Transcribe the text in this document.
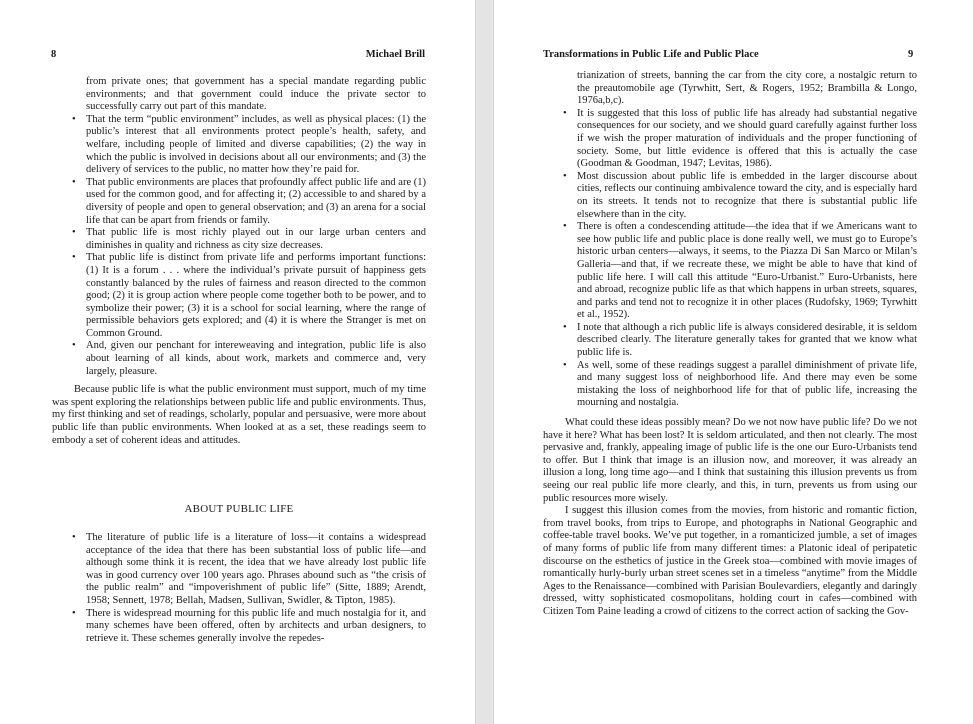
8	Michael Brill

from private ones; that government has a special mandate regarding public environments; and that government could induce the private sector to successfully carry out part of this mandate.

• That the term “public environment” includes, as well as physical places: (1) the public’s interest that all environments protect people’s health, safety, and welfare, including people of limited and diverse capabilities; (2) the way in which the public is involved in decisions about all our environments; and (3) the delivery of services to the public, no matter how they’re paid for.
• That public environments are places that profoundly affect public life and are (1) used for the common good, and for affecting it; (2) accessible to and shared by a diversity of people and open to general observation; and (3) an arena for a social life that can be apart from friends or family.
• That public life is most richly played out in our large urban centers and diminishes in quality and richness as city size decreases.
• That public life is distinct from private life and performs important functions: (1) It is a forum . . . where the individual’s private pursuit of happiness gets constantly balanced by the rules of fairness and reason directed to the common good; (2) it is group action where people come together both to be power, and to symbolize their power; (3) it is a school for social learning, where the range of permissible behaviors gets explored; and (4) it is where the Stranger is met on Common Ground.
• And, given our penchant for intereweaving and integration, public life is also about learning of all kinds, about work, markets and commerce and, very largely, pleasure.

Because public life is what the public environment must support, much of my time was spent exploring the relationships between public life and public environments. Thus, my first thinking and set of readings, scholarly, popular and persuasive, were more about public life than public environments. When looked at as a set, these readings seem to embody a set of coherent ideas and attitudes.

ABOUT PUBLIC LIFE
• The literature of public life is a literature of loss—it contains a widespread acceptance of the idea that there has been substantial loss of public life—and although some think it is recent, the idea that we have already lost public life was in good currency over 100 years ago. Phrases abound such as “the crisis of the public realm” and “impoverishment of public life” (Sitte, 1889; Arendt, 1958; Sennett, 1978; Bellah, Madsen, Sullivan, Swidler, & Tipton, 1985).
• There is widespread mourning for this public life and much nostalgia for it, and many schemes have been offered, often by architects and urban designers, to retrieve it. These schemes generally involve the repedes-
Transformations in Public Life and Public Place	9

trianization of streets, banning the car from the city core, a nostalgic return to the preautomobile age (Tyrwhitt, Sert, & Rogers, 1952; Brambilla & Longo, 1976a,b,c).

• It is suggested that this loss of public life has already had substantial negative consequences for our society, and we should guard carefully against further loss if we wish the proper maturation of individuals and the proper functioning of society. Some, but little evidence is offered that this is actually the case (Goodman & Goodman, 1947; Levitas, 1986).
• Most discussion about public life is embedded in the larger discourse about cities, reflects our continuing ambivalence toward the city, and is especially hard on its streets. It tends not to recognize that there is substantial public life elsewhere than in the city.
• There is often a condescending attitude—the idea that if we Americans want to see how public life and public place is done really well, we must go to Europe’s historic urban centers—always, it seems, to the Piazza Di San Marco or Milan’s Galleria—and that, if we recreate these, we might be able to have that kind of public life here. I will call this attitude “Euro-Urbanist.” Euro-Urbanists, here and abroad, recognize public life as that which happens in urban streets, squares, and parks and tend not to recognize it in other places (Rudofsky, 1969; Tyrwhitt et al., 1952).
• I note that although a rich public life is always considered desirable, it is seldom described clearly. The literature generally takes for granted that we know what public life is.
• As well, some of these readings suggest a parallel diminishment of private life, and many suggest loss of neighborhood life. And there may even be some mistaking the loss of neighborhood life for that of public life, increasing the mourning and nostalgia.

What could these ideas possibly mean? Do we not now have public life? Do we not have it here? What has been lost? It is seldom articulated, and then not clearly. The most pervasive and, frankly, appealing image of public life is the one our Euro-Urbanists tend to offer. But I think that image is an illusion now, and moreover, it was already an illusion a long, long time ago—and I think that sustaining this illusion prevents us from seeing our real public life more clearly, and this, in turn, prevents us from using our public resources more wisely.

I suggest this illusion comes from the movies, from historic and romantic fiction, from travel books, from trips to Europe, and photographs in National Geographic and coffee-table travel books. We’ve put together, in a romanticized jumble, a set of images of many forms of public life from many different times: a Platonic ideal of peripatetic discourse on the esthetics of justice in the Greek stoa—combined with movie images of romantically hurly-burly urban street scenes set in a timeless “anytime” from the Middle Ages to the Renaissance—combined with Parisian Boulevardiers, elegantly and daringly dressed, witty sophisticated cosmopolitans, holding court in cafes—combined with Citizen Tom Paine leading a crowd of citizens to the correct action of sacking the Gov-
